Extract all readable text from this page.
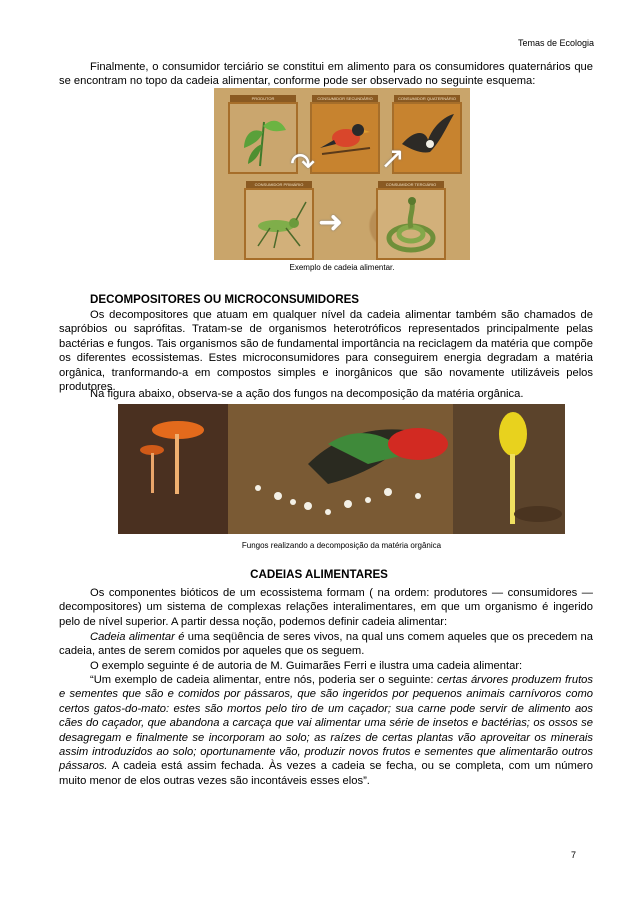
Temas de Ecologia

Finalmente, o consumidor terciário se constitui em alimento para os consumidores quaternários que se encontram no topo da cadeia alimentar, conforme pode ser observado no seguinte esquema:

PRODUTOR	CONSUMIDOR SECUNDÁRIO	CONSUMIDOR QUATERNÁRIO
CONSUMIDOR PRIMÁRIO	CONSUMIDOR TERCIÁRIO
↷ ↗
➜
Exemplo de cadeia alimentar.
DECOMPOSITORES OU MICROCONSUMIDORES

Os decompositores que atuam em qualquer nível da cadeia alimentar também são chamados de sapróbios ou saprófitas. Tratam-se de organismos heterotróficos representados principalmente pelas bactérias e fungos. Tais organismos são de fundamental importância na reciclagem da matéria que compõe os diferentes ecossistemas. Estes microconsumidores para conseguirem energia degradam a matéria orgânica, tranformando-a em compostos simples e inorgânicos que são novamente utilizáveis pelos produtores.

Na figura abaixo, observa-se a ação dos fungos na decomposição da matéria orgânica.

Fungos realizando a decomposição da matéria orgânica
CADEIAS ALIMENTARES

Os componentes bióticos de um ecossistema formam ( na ordem: produtores — consumidores — decompositores) um sistema de complexas relações interalimentares, em que um organismo é ingerido pelo de nível superior. A partir dessa noção, podemos definir cadeia alimentar:

Cadeia alimentar é uma seqüência de seres vivos, na qual uns comem aqueles que os precedem na cadeia, antes de serem comidos por aqueles que os seguem.

O exemplo seguinte é de autoria de M. Guimarães Ferri e ilustra uma cadeia alimentar:

“Um exemplo de cadeia alimentar, entre nós, poderia ser o seguinte: certas árvores produzem frutos e sementes que são e comidos por pássaros, que são ingeridos por pequenos animais carnívoros como certos gatos-do-mato: estes são mortos pelo tiro de um caçador; sua carne pode servir de alimento aos cães do caçador, que abandona a carcaça que vai alimentar uma série de insetos e bactérias; os ossos se desagregam e finalmente se incorporam ao solo; as raízes de certas plantas vão aproveitar os minerais assim introduzidos ao solo; oportunamente vão, produzir novos frutos e sementes que alimentarão outros pássaros. A cadeia está assim fechada. Às vezes a cadeia se fecha, ou se completa, com um número muito menor de elos outras vezes são incontáveis esses elos”.

7
